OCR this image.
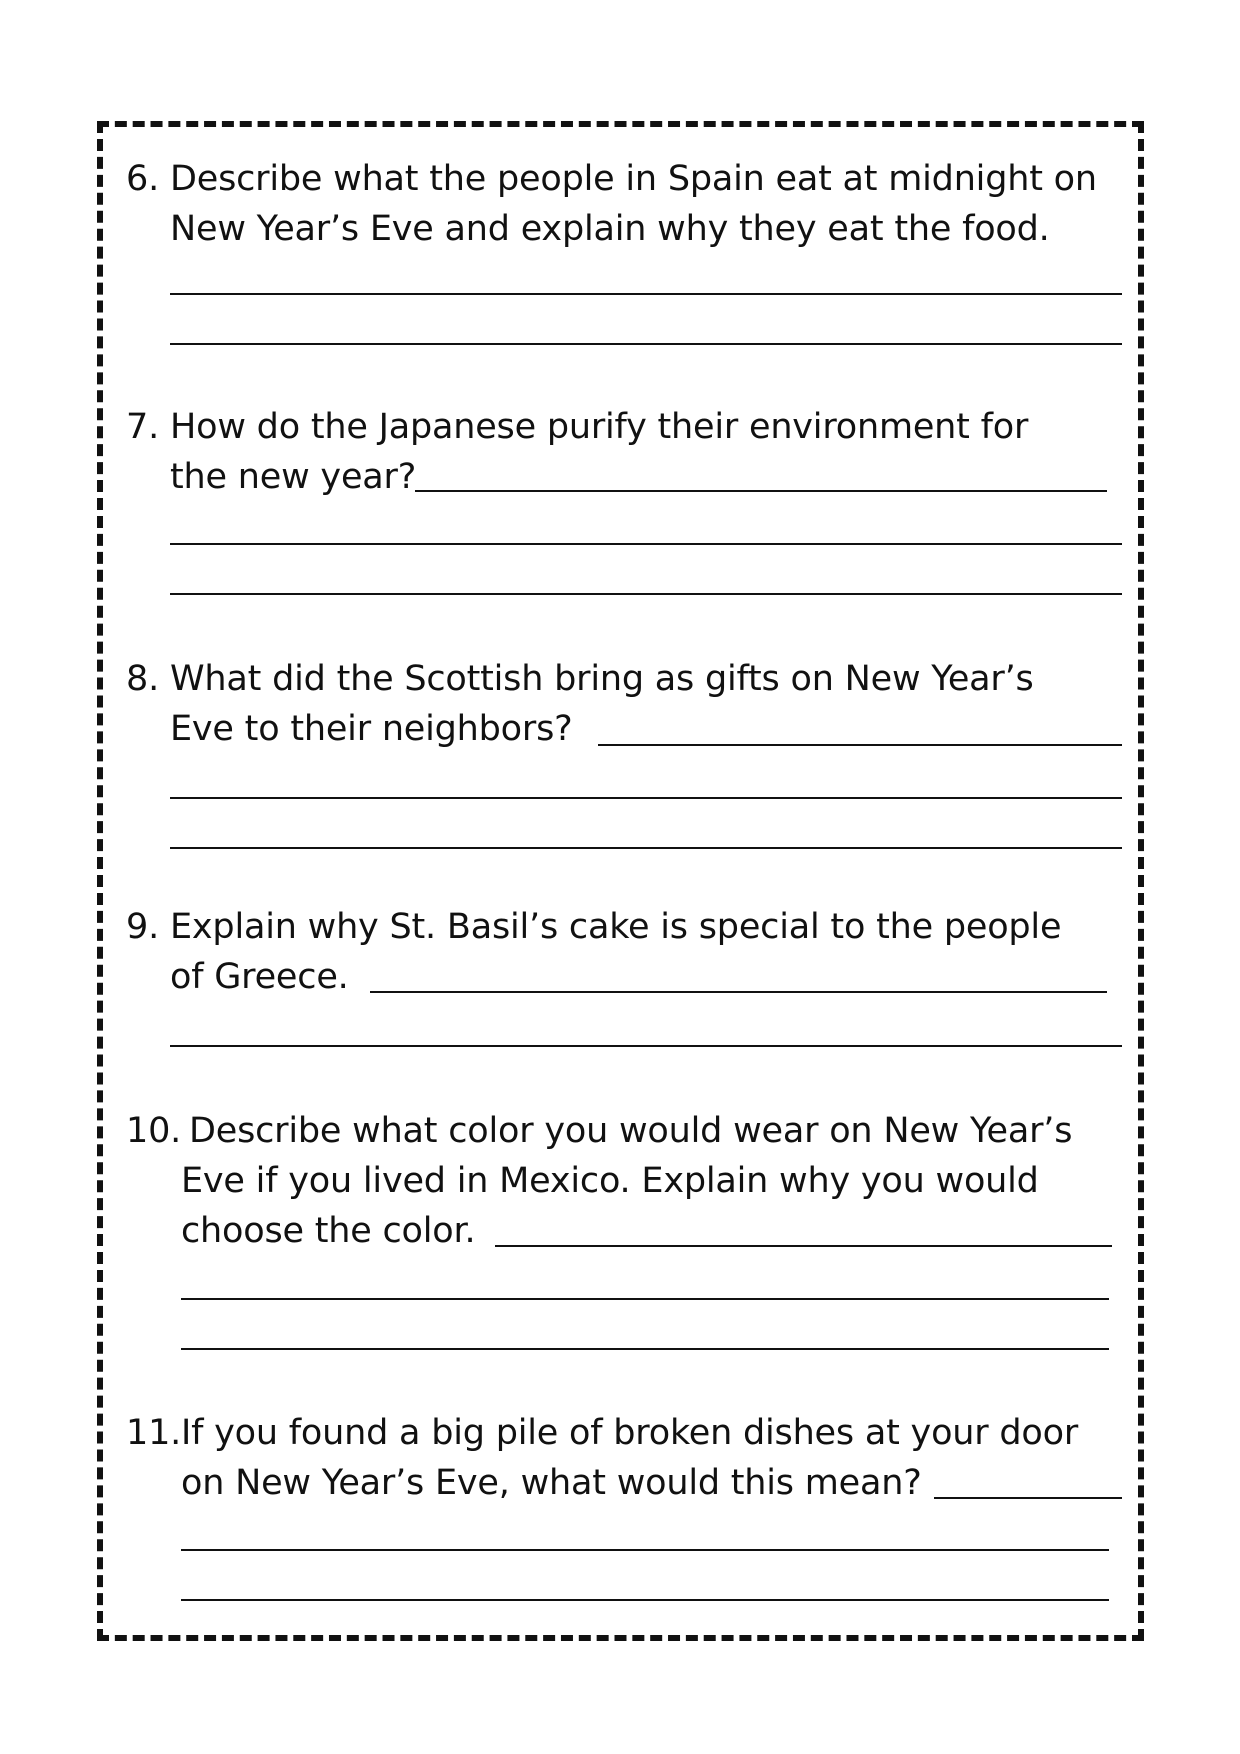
6. Describe what the people in Spain eat at midnight on
New Year’s Eve and explain why they eat the food.
7. How do the Japanese purify their environment for
the new year?
8. What did the Scottish bring as gifts on New Year’s
Eve to their neighbors?
9. Explain why St. Basil’s cake is special to the people
of Greece.
10. Describe what color you would wear on New Year’s
Eve if you lived in Mexico. Explain why you would
choose the color.
11. If you found a big pile of broken dishes at your door
on New Year’s Eve, what would this mean?
